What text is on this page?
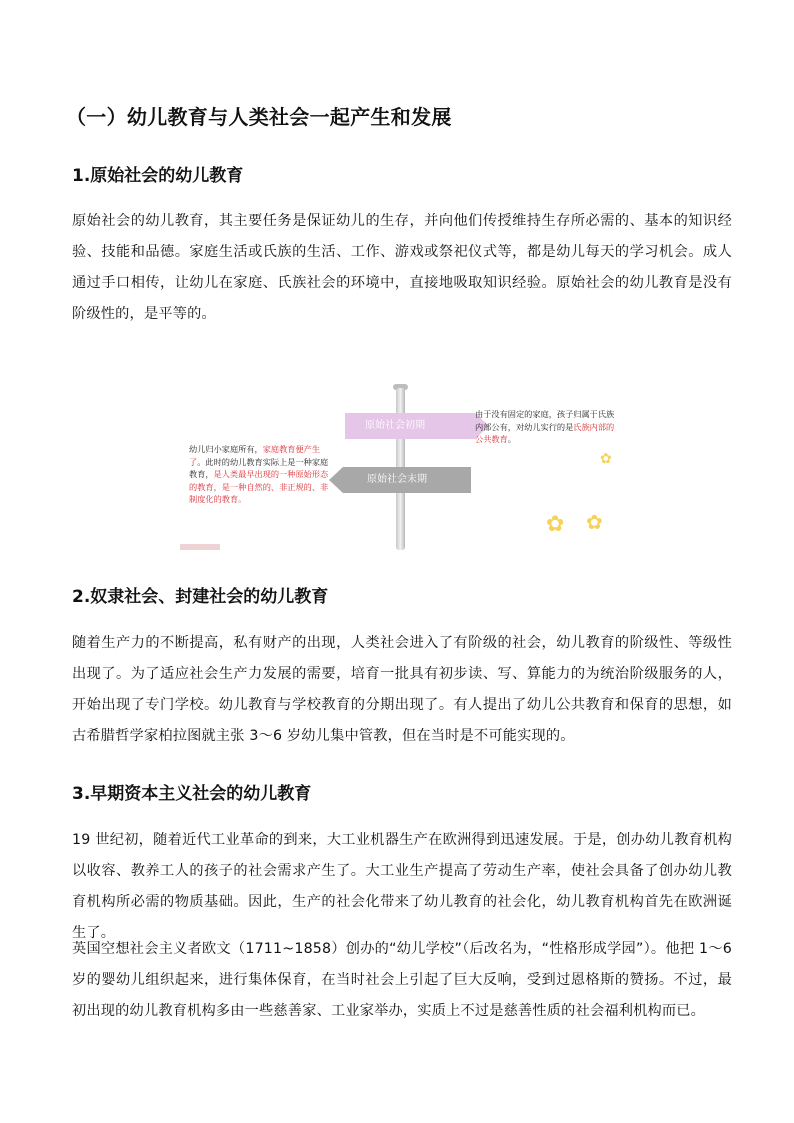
（一）幼儿教育与人类社会一起产生和发展
1.原始社会的幼儿教育

原始社会的幼儿教育，其主要任务是保证幼儿的生存，并向他们传授维持生存所必需的、基本的知识经验、技能和品德。家庭生活或氏族的生活、工作、游戏或祭祀仪式等，都是幼儿每天的学习机会。成人通过手口相传，让幼儿在家庭、氏族社会的环境中，直接地吸取知识经验。原始社会的幼儿教育是没有阶级性的，是平等的。

原始社会初期
原始社会末期

由于没有固定的家庭，孩子归属于氏族内部公有，对幼儿实行的是氏族内部的公共教育。

幼儿归小家庭所有，家庭教育便产生了。此时的幼儿教育实际上是一种家庭教育，是人类最早出现的一种原始形态的教育，是一种自然的、非正规的、非制度化的教育。

✿
✿ ✿
2.奴隶社会、封建社会的幼儿教育

随着生产力的不断提高，私有财产的出现，人类社会进入了有阶级的社会，幼儿教育的阶级性、等级性出现了。为了适应社会生产力发展的需要，培育一批具有初步读、写、算能力的为统治阶级服务的人，开始出现了专门学校。幼儿教育与学校教育的分期出现了。有人提出了幼儿公共教育和保育的思想，如古希腊哲学家柏拉图就主张 3～6 岁幼儿集中管教，但在当时是不可能实现的。

3.早期资本主义社会的幼儿教育

19 世纪初，随着近代工业革命的到来，大工业机器生产在欧洲得到迅速发展。于是，创办幼儿教育机构以收容、教养工人的孩子的社会需求产生了。大工业生产提高了劳动生产率，使社会具备了创办幼儿教育机构所必需的物质基础。因此，生产的社会化带来了幼儿教育的社会化，幼儿教育机构首先在欧洲诞生了。

英国空想社会主义者欧文（1711~1858）创办的“幼儿学校”（后改名为，“性格形成学园”）。他把 1～6 岁的婴幼儿组织起来，进行集体保育，在当时社会上引起了巨大反响，受到过恩格斯的赞扬。不过，最初出现的幼儿教育机构多由一些慈善家、工业家举办，实质上不过是慈善性质的社会福利机构而已。
